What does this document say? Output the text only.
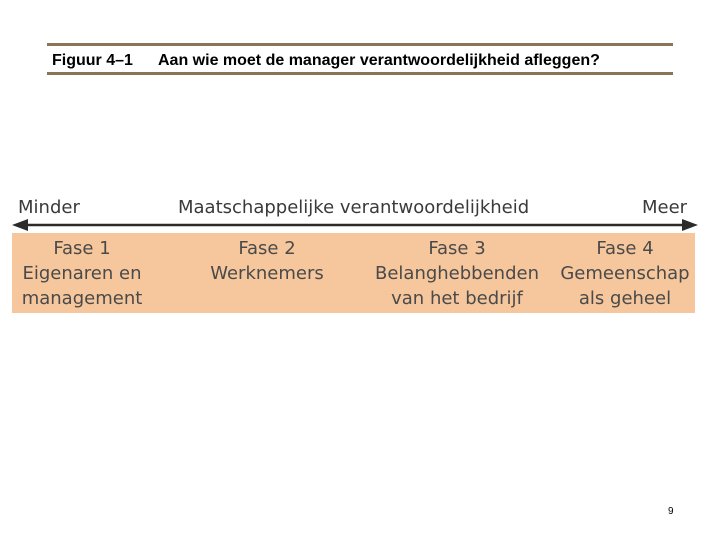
Figuur 4–1 Aan wie moet de manager verantwoordelijkheid afleggen?
Minder	Maatschappelijke verantwoordelijkheid	Meer
Fase 1
Eigenaren en
management
Fase 2
Werknemers
Fase 3
Belanghebbenden
van het bedrijf
Fase 4
Gemeenschap
als geheel
9
